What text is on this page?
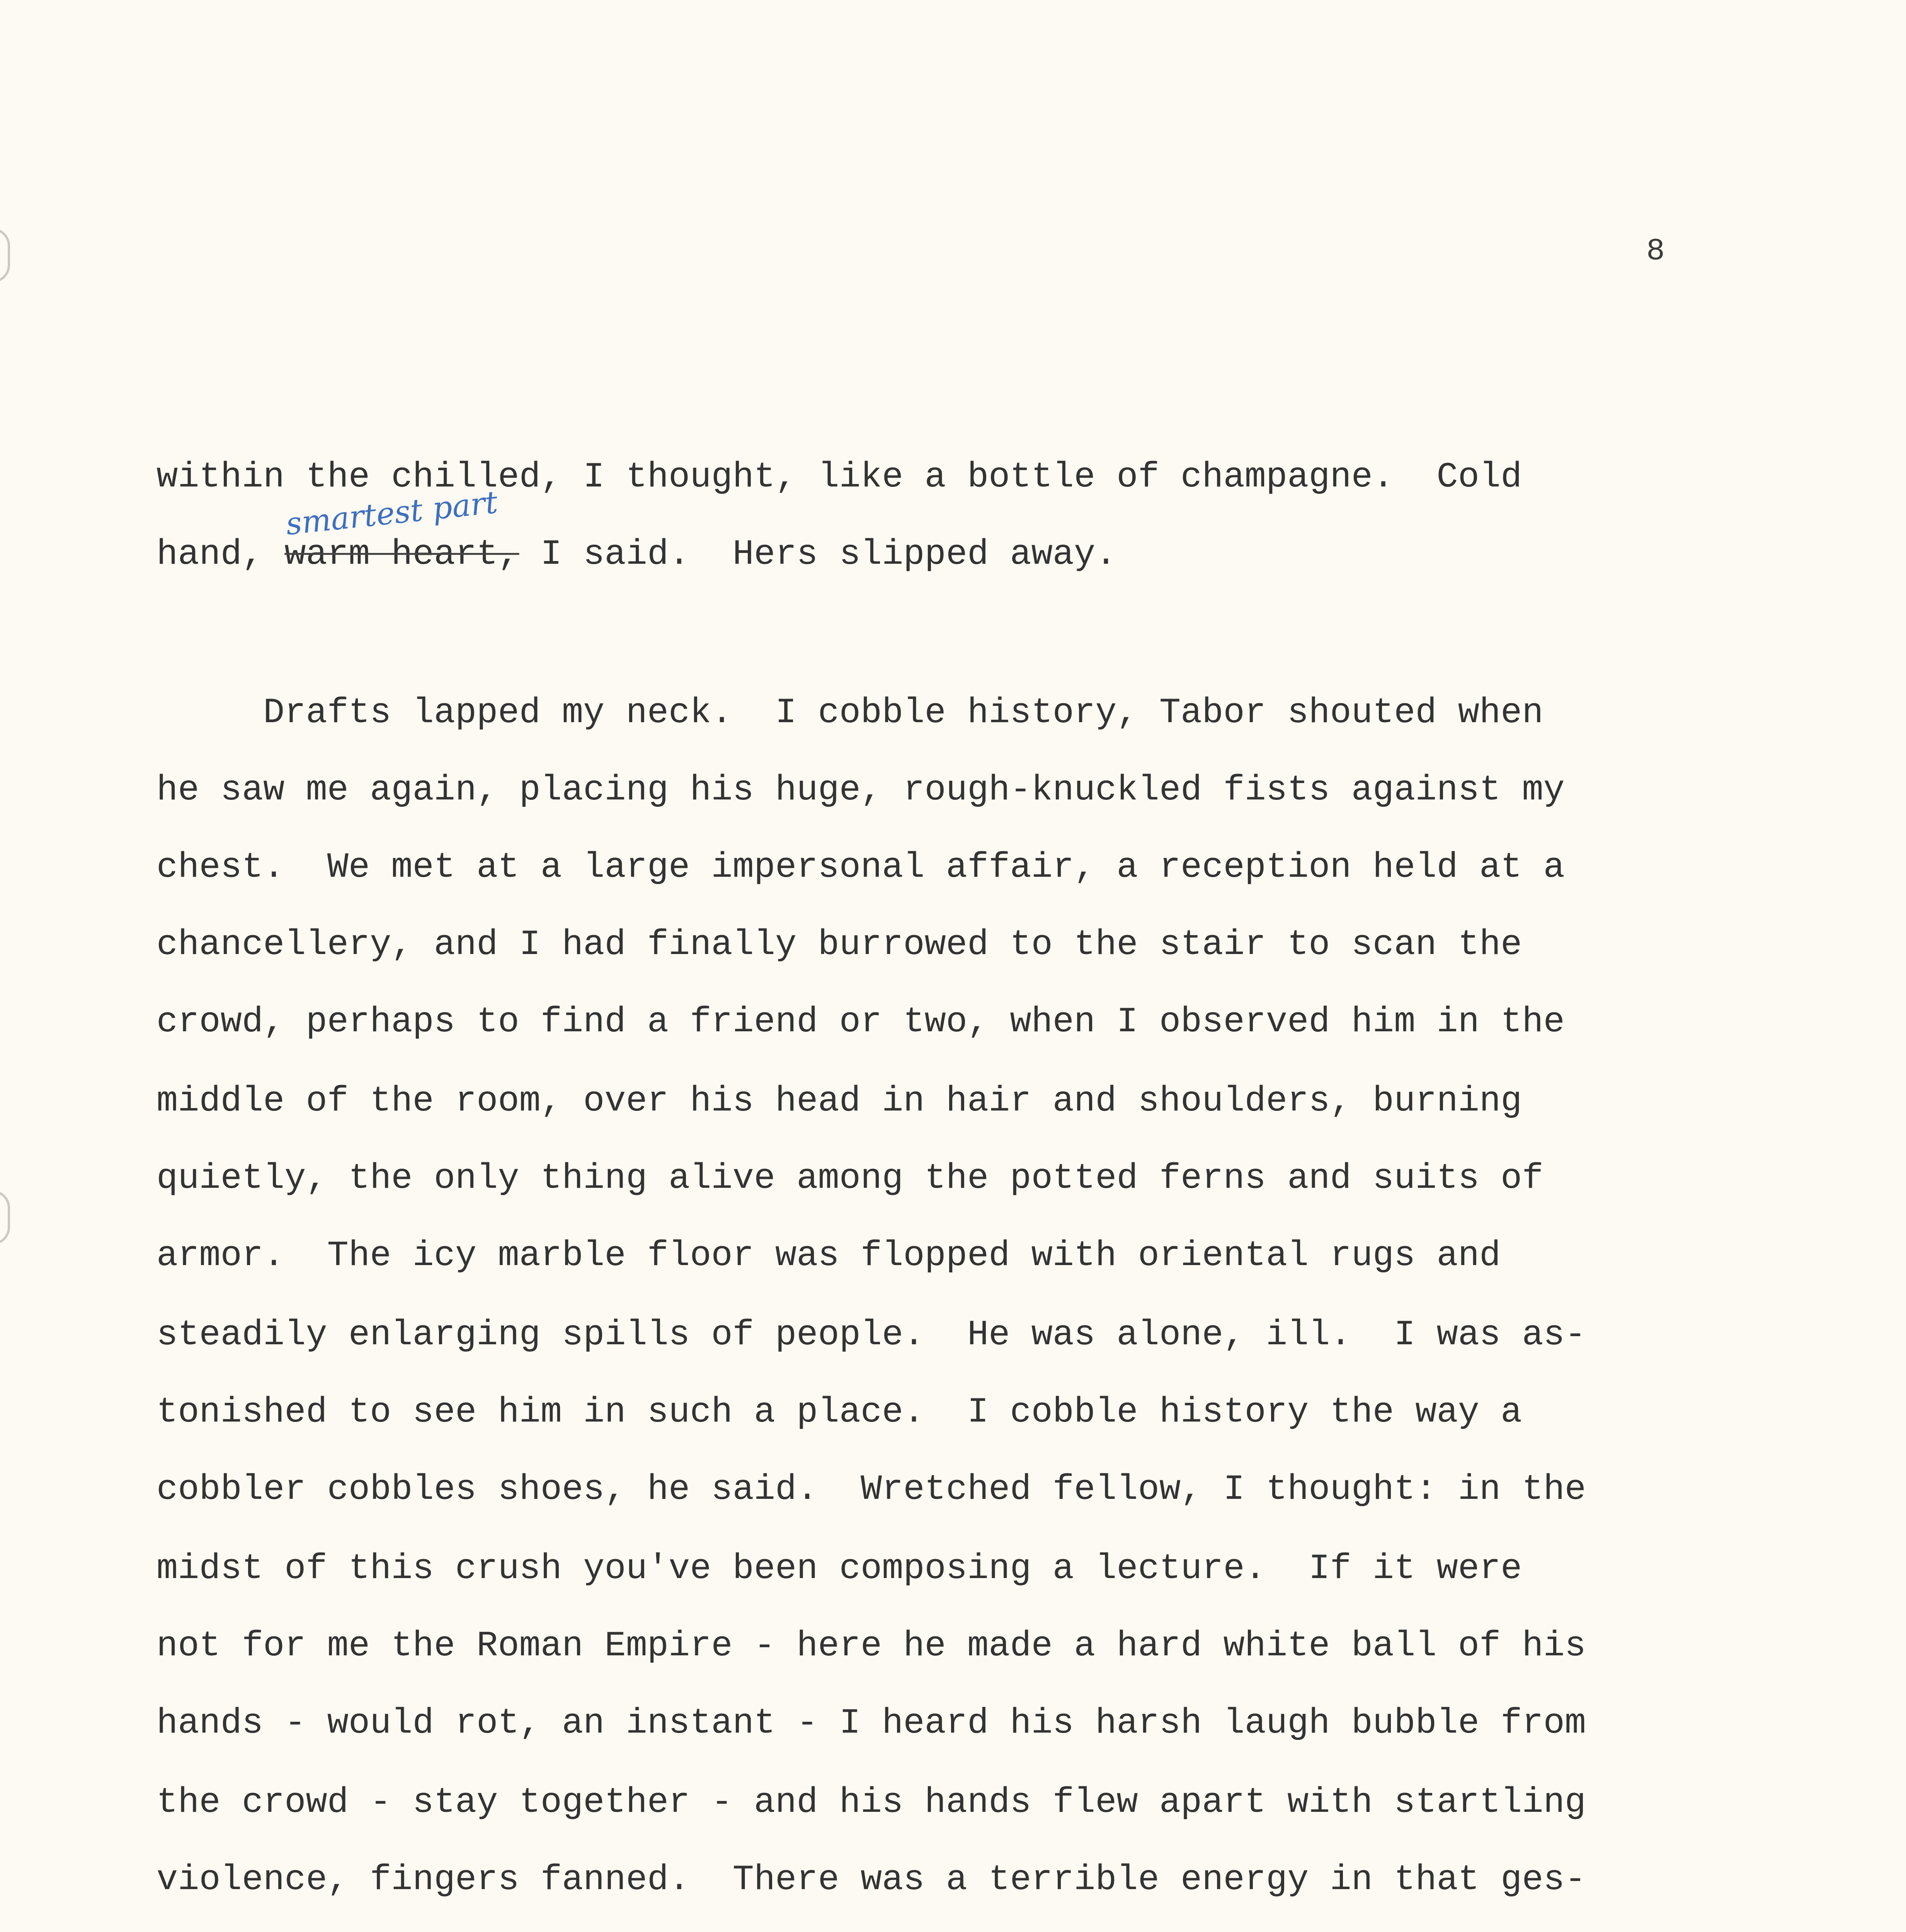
8
smartest part
within the chilled, I thought, like a bottle of champagne.  Cold
hand, warm heart, I said.  Hers slipped away.
Drafts lapped my neck.  I cobble history, Tabor shouted when
he saw me again, placing his huge, rough-knuckled fists against my
chest.  We met at a large impersonal affair, a reception held at a
chancellery, and I had finally burrowed to the stair to scan the
crowd, perhaps to find a friend or two, when I observed him in the
middle of the room, over his head in hair and shoulders, burning
quietly, the only thing alive among the potted ferns and suits of
armor.  The icy marble floor was flopped with oriental rugs and
steadily enlarging spills of people.  He was alone, ill.  I was as-
tonished to see him in such a place.  I cobble history the way a
cobbler cobbles shoes, he said.  Wretched fellow, I thought: in the
midst of this crush you've been composing a lecture.  If it were
not for me the Roman Empire - here he made a hard white ball of his
hands - would rot, an instant - I heard his harsh laugh bubble from
the crowd - stay together - and his hands flew apart with startling
violence, fingers fanned.  There was a terrible energy in that ges-
